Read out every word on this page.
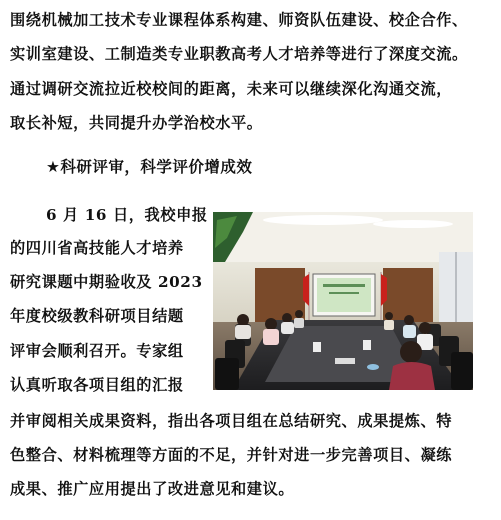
围绕机械加工技术专业课程体系构建、师资队伍建设、校企合作、
实训室建设、工制造类专业职教高考人才培养等进行了深度交流。
通过调研交流拉近校校间的距离，未来可以继续深化沟通交流，
取长补短，共同提升办学治校水平。
★科研评审，科学评价增成效
6 月 16 日，我校申报
的四川省高技能人才培养
研究课题中期验收及 2023
年度校级教科研项目结题
评审会顺利召开。专家组
认真听取各项目组的汇报
并审阅相关成果资料，指出各项目组在总结研究、成果提炼、特
色整合、材料梳理等方面的不足，并针对进一步完善项目、凝练
成果、推广应用提出了改进意见和建议。
